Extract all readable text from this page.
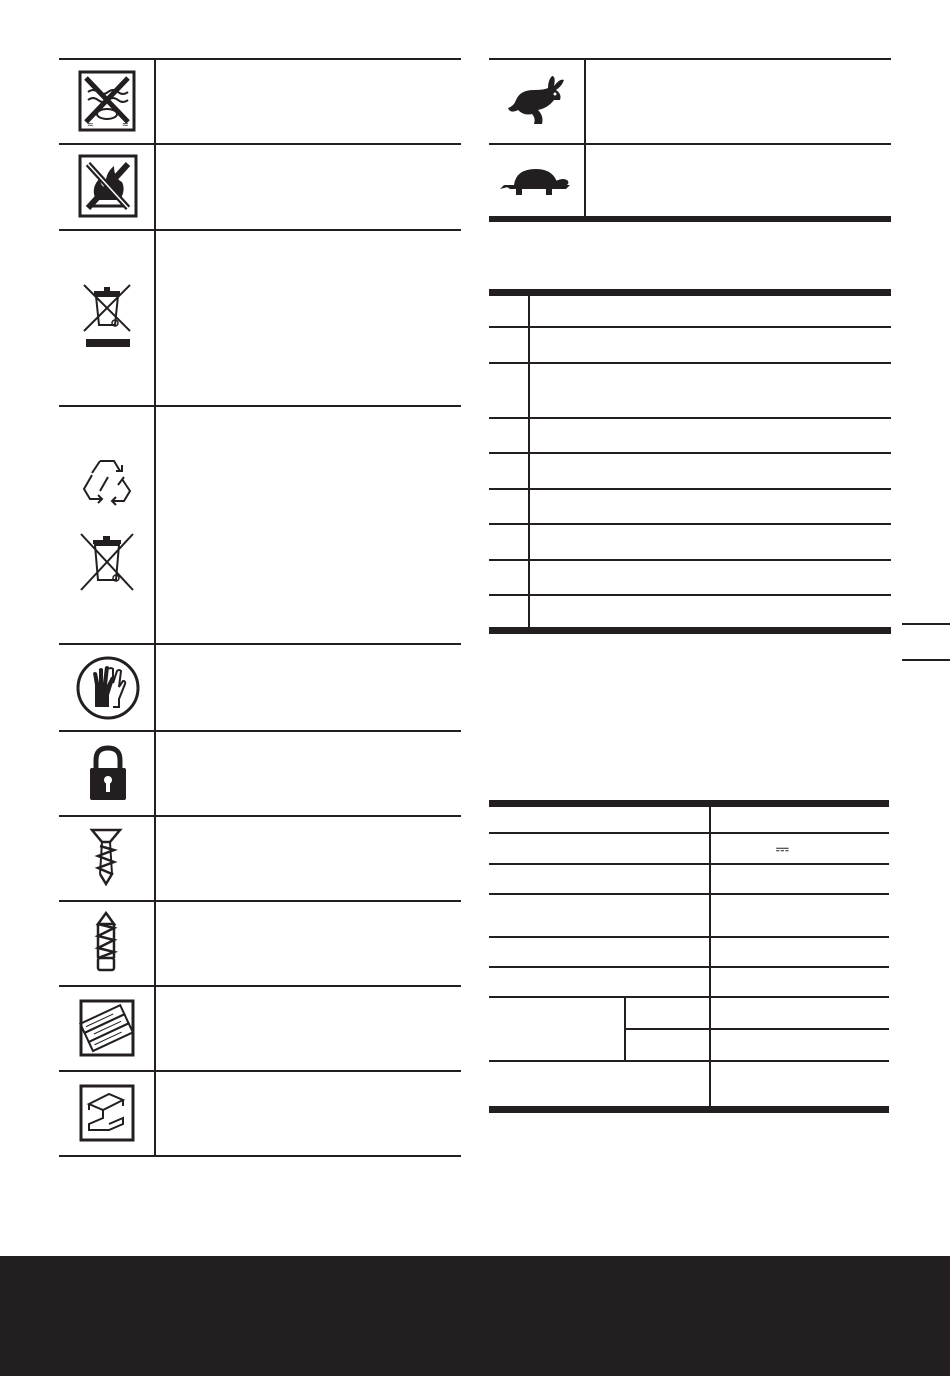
≈	≈
⎓
